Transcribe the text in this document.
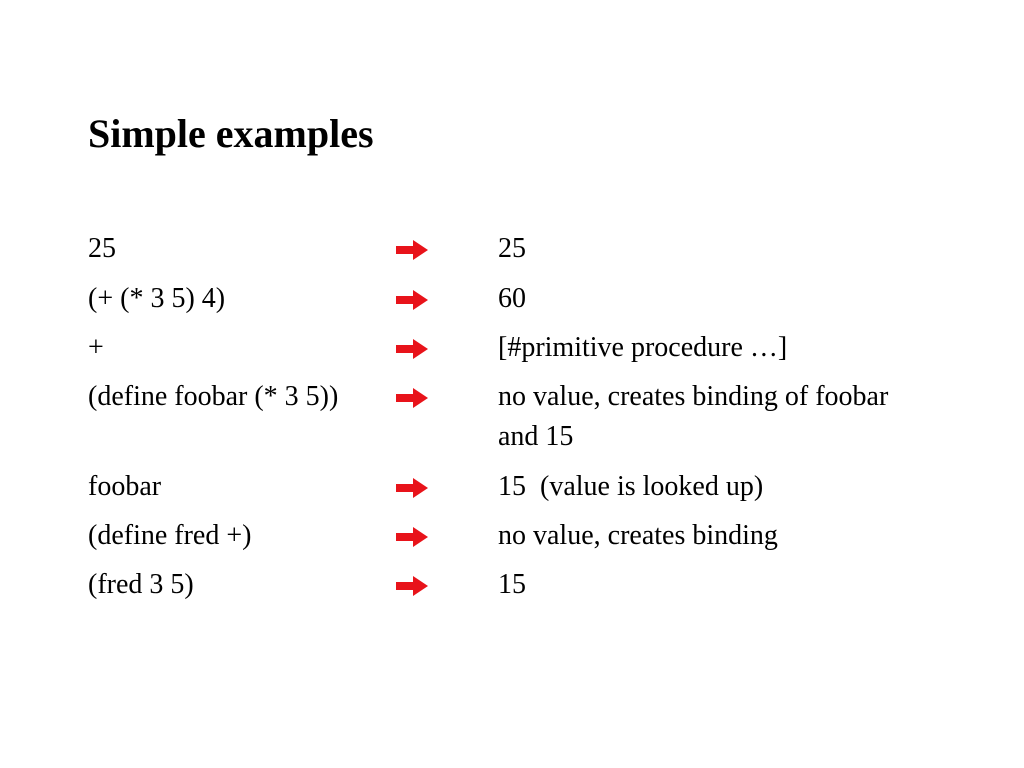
Simple examples
25	25
(+ (* 3 5) 4)	60
+	[#primitive procedure …]
(define foobar (* 3 5))	no value, creates binding of foobar and 15
foobar	15  (value is looked up)
(define fred +)	no value, creates binding
(fred 3 5)	15
